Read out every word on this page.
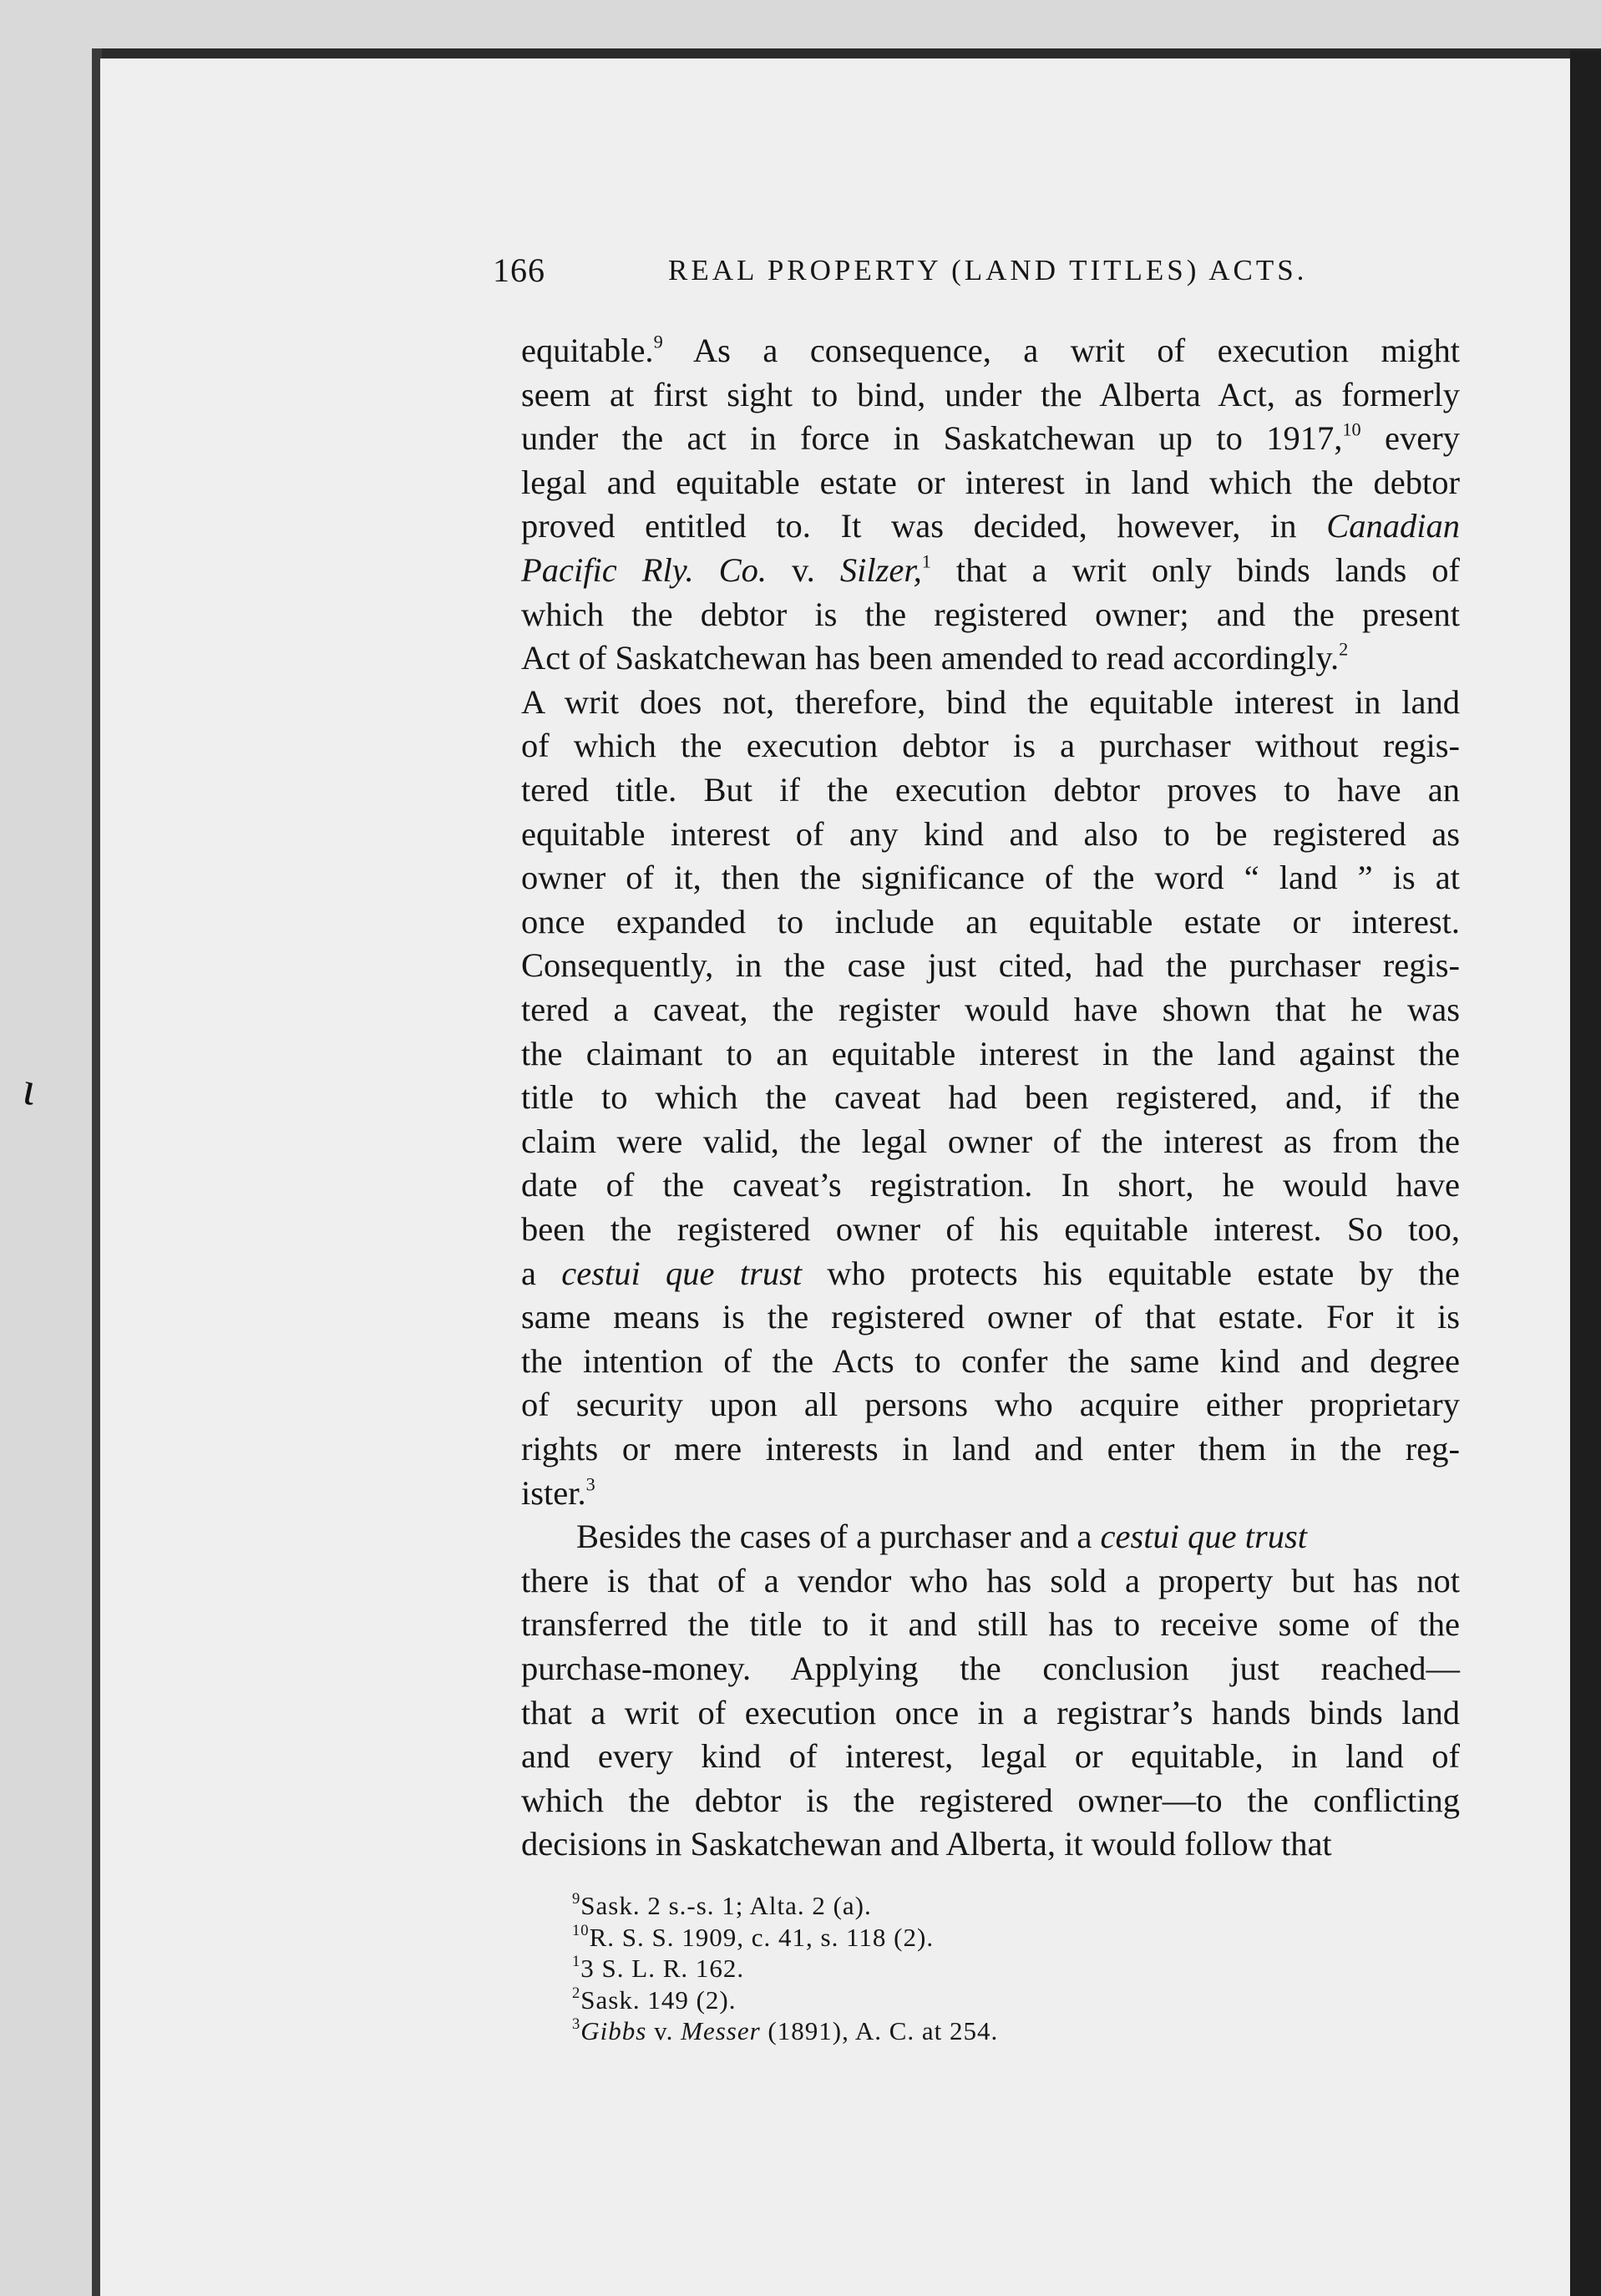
ι
166	REAL PROPERTY (LAND TITLES) ACTS.
equitable.$^9$ As a consequence, a writ of execution might
seem at first sight to bind, under the Alberta Act, as formerly
under the act in force in Saskatchewan up to 1917,10 every
legal and equitable estate or interest in land which the debtor
proved entitled to. It was decided, however, in Canadian
Pacific Rly. Co. v. Silzer,$^1$ that a writ only binds lands of
which the debtor is the registered owner; and the present
Act of Saskatchewan has been amended to read accordingly.$^2$
A writ does not, therefore, bind the equitable interest in land
of which the execution debtor is a purchaser without regis-
tered title. But if the execution debtor proves to have an
equitable interest of any kind and also to be registered as
owner of it, then the significance of the word “ land ” is at
once expanded to include an equitable estate or interest.
Consequently, in the case just cited, had the purchaser regis-
tered a caveat, the register would have shown that he was
the claimant to an equitable interest in the land against the
title to which the caveat had been registered, and, if the
claim were valid, the legal owner of the interest as from the
date of the caveat’s registration. In short, he would have
been the registered owner of his equitable interest. So too,
a cestui que trust who protects his equitable estate by the
same means is the registered owner of that estate. For it is
the intention of the Acts to confer the same kind and degree
of security upon all persons who acquire either proprietary
rights or mere interests in land and enter them in the reg-
ister.$^3$
Besides the cases of a purchaser and a cestui que trust
there is that of a vendor who has sold a property but has not
transferred the title to it and still has to receive some of the
purchase-money. Applying the conclusion just reached—
that a writ of execution once in a registrar’s hands binds land
and every kind of interest, legal or equitable, in land of
which the debtor is the registered owner—to the conflicting
decisions in Saskatchewan and Alberta, it would follow that
$^9$Sask. 2 s.-s. 1; Alta. 2 (a).
$^{10}$R. S. S. 1909, c. 41, s. 118 (2).
$^1$3 S. L. R. 162.
$^2$Sask. 149 (2).
$^3$Gibbs v. Messer (1891), A. C. at 254.
